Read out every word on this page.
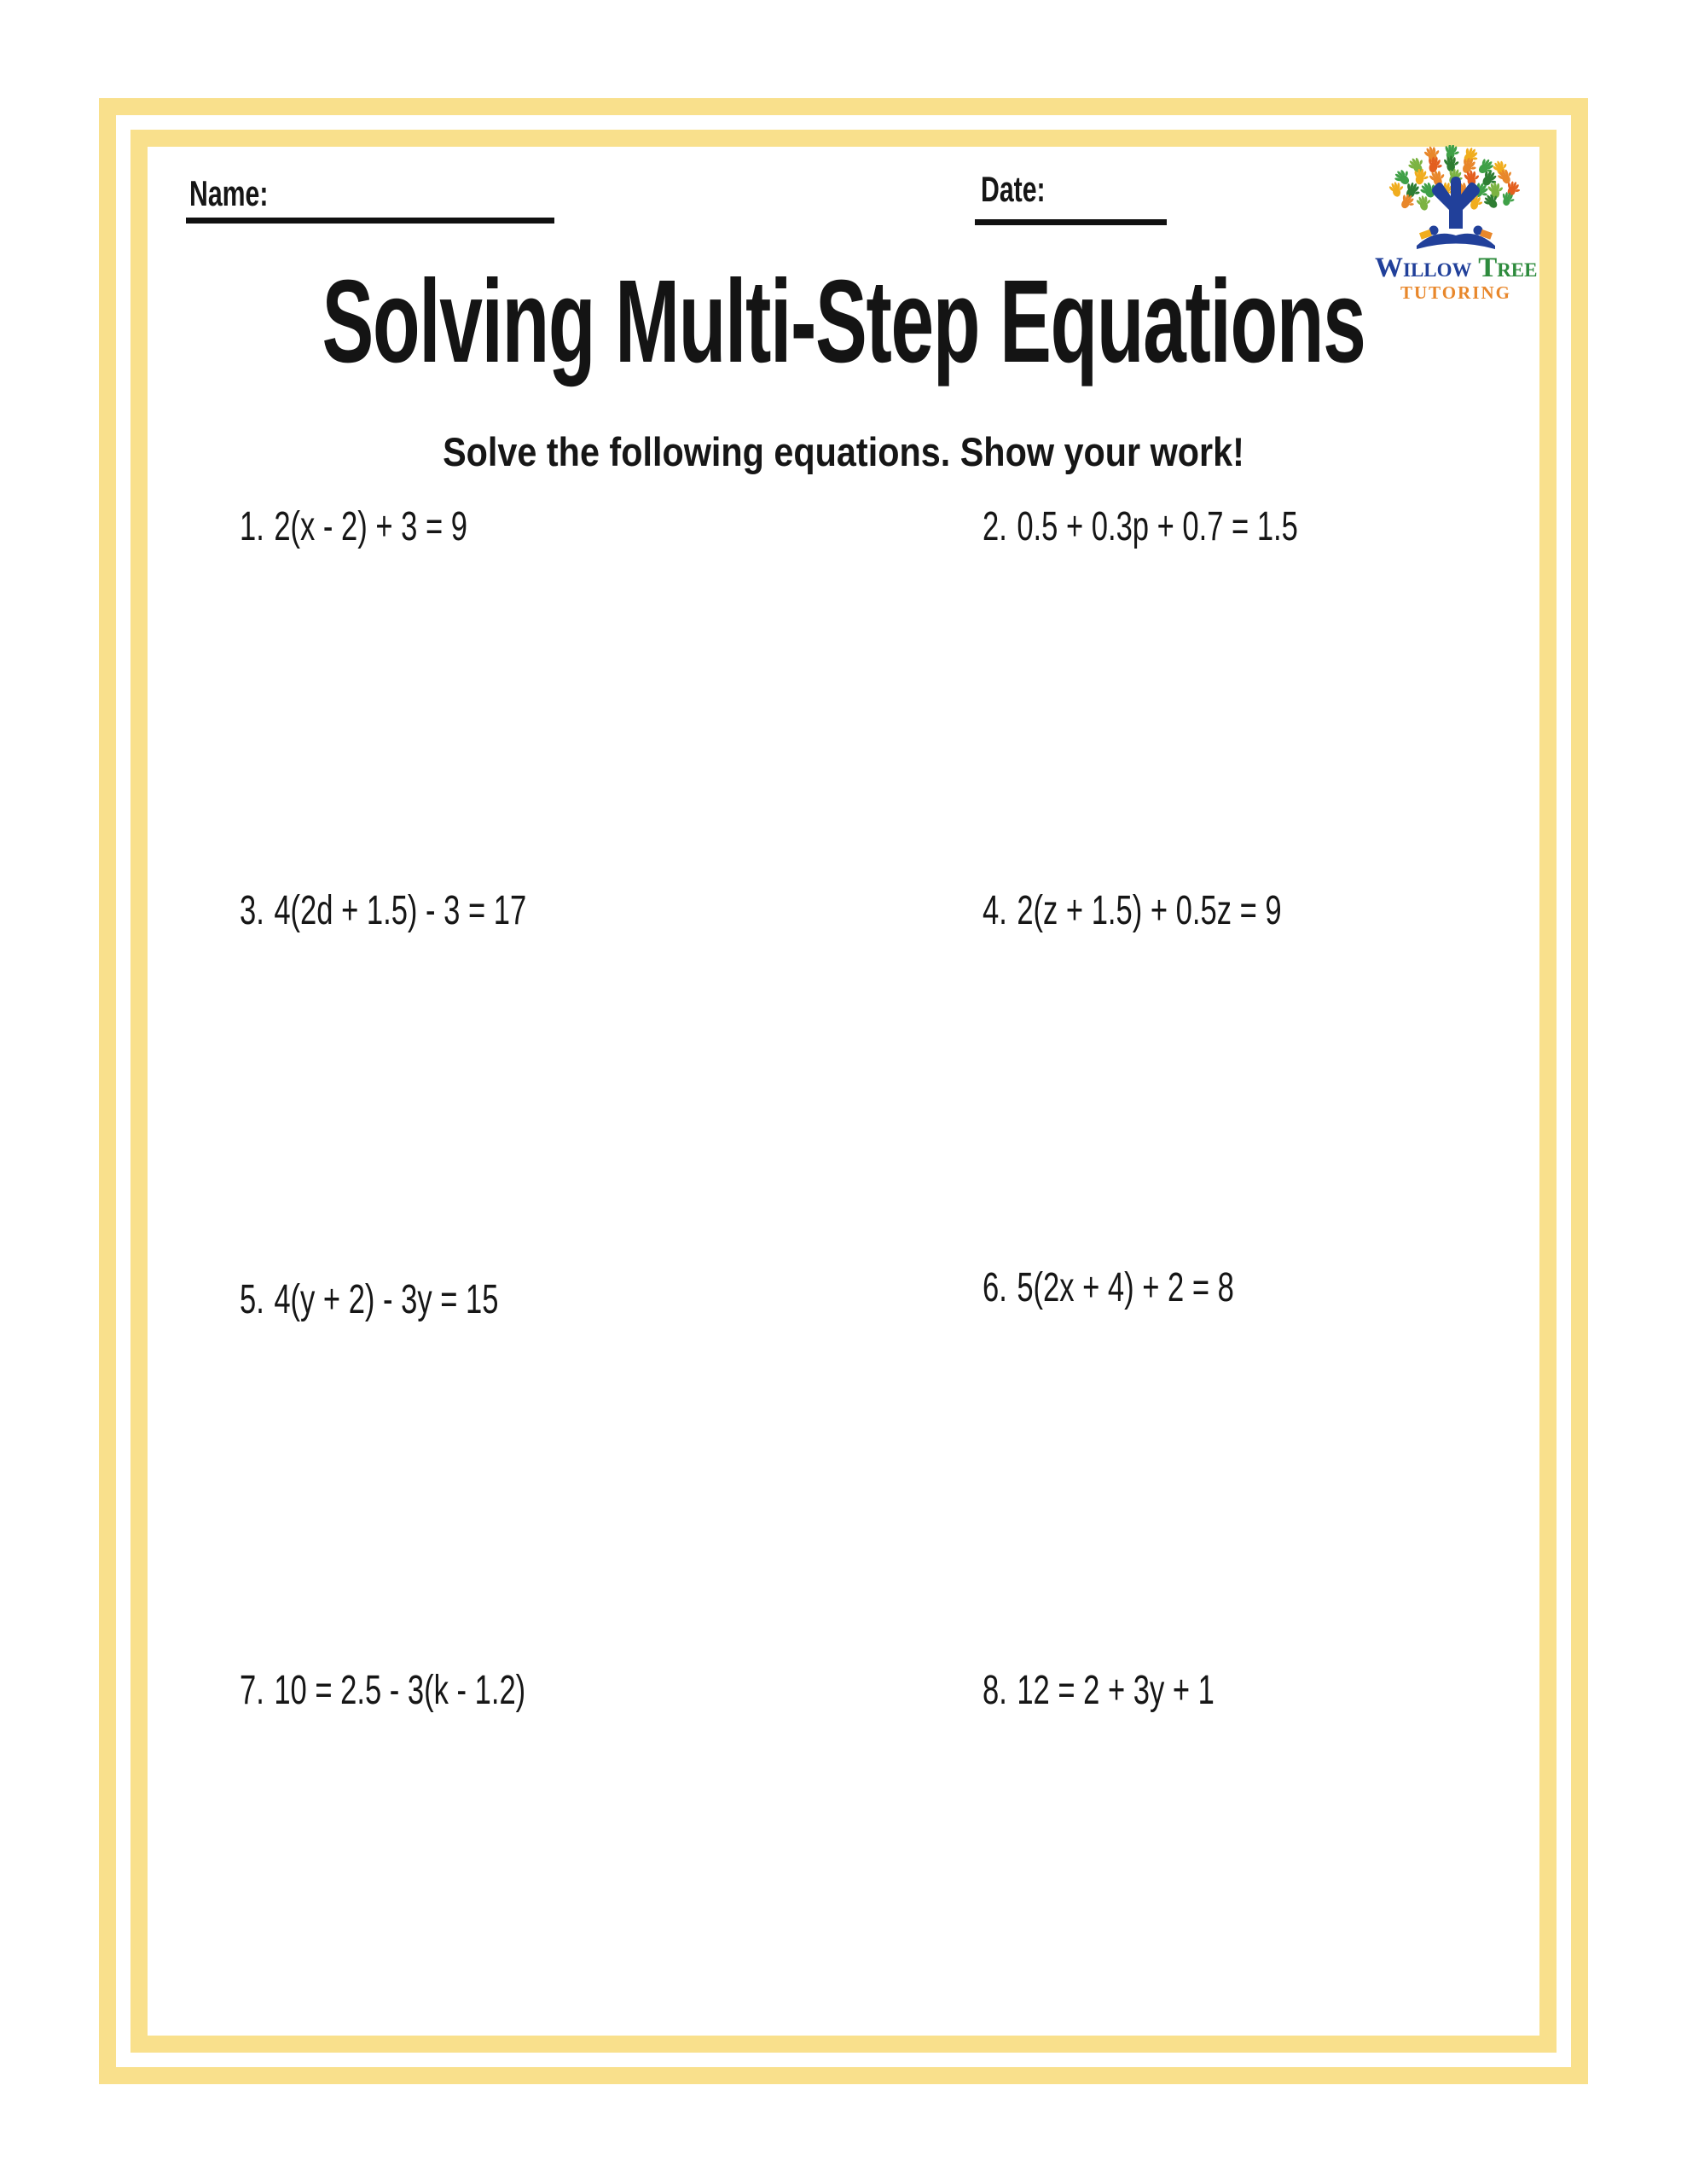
Name:	Date:
Willow Tree
TUTORING
Solving Multi-Step Equations
Solve the following equations. Show your work!
1. 2(x - 2) + 3 = 9	2. 0.5 + 0.3p + 0.7 = 1.5
3. 4(2d + 1.5) - 3 = 17	4. 2(z + 1.5) + 0.5z = 9
5. 4(y + 2) - 3y = 15	6. 5(2x + 4) + 2 = 8
7. 10 = 2.5 - 3(k - 1.2)	8. 12 = 2 + 3y + 1
